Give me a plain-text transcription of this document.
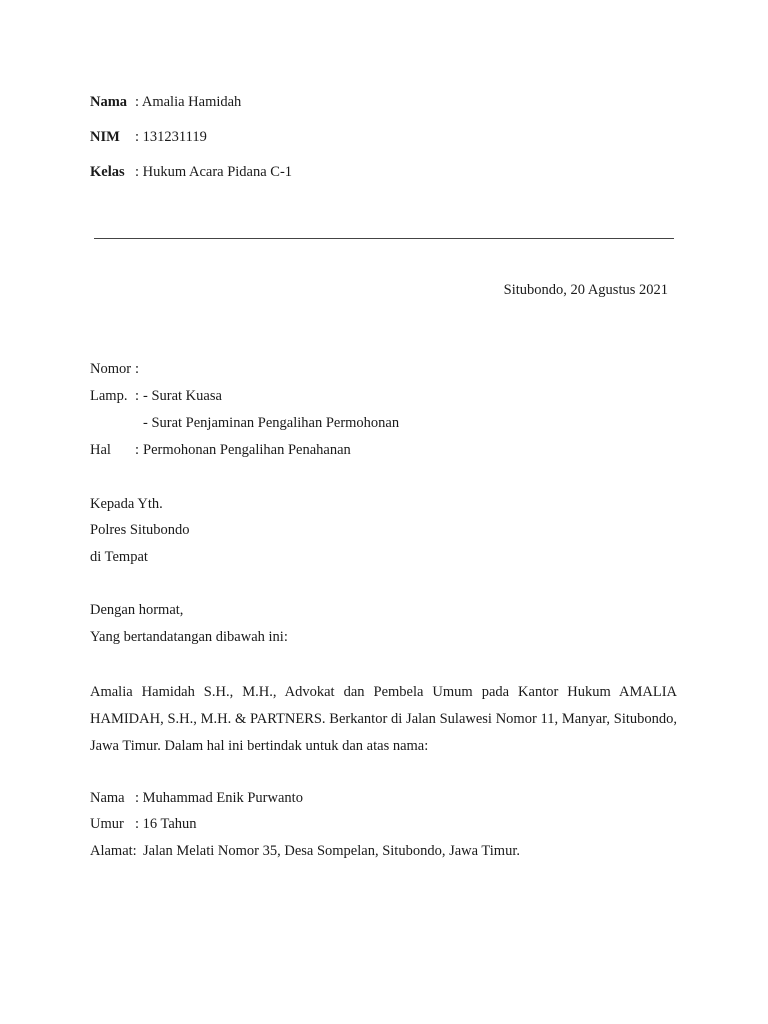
Nama : Amalia Hamidah
NIM : 131231119
Kelas : Hukum Acara Pidana C-1
Situbondo, 20 Agustus 2021
Nomor :
Lamp. : - Surat Kuasa
- Surat Penjaminan Pengalihan Permohonan
Hal : Permohonan Pengalihan Penahanan
Kepada Yth.
Polres Situbondo
di Tempat
Dengan hormat,
Yang bertandatangan dibawah ini:
Amalia Hamidah S.H., M.H., Advokat dan Pembela Umum pada Kantor Hukum AMALIA HAMIDAH, S.H., M.H. & PARTNERS. Berkantor di Jalan Sulawesi Nomor 11, Manyar, Situbondo, Jawa Timur. Dalam hal ini bertindak untuk dan atas nama:
Nama : Muhammad Enik Purwanto
Umur : 16 Tahun
Alamat: Jalan Melati Nomor 35, Desa Sompelan, Situbondo, Jawa Timur.
